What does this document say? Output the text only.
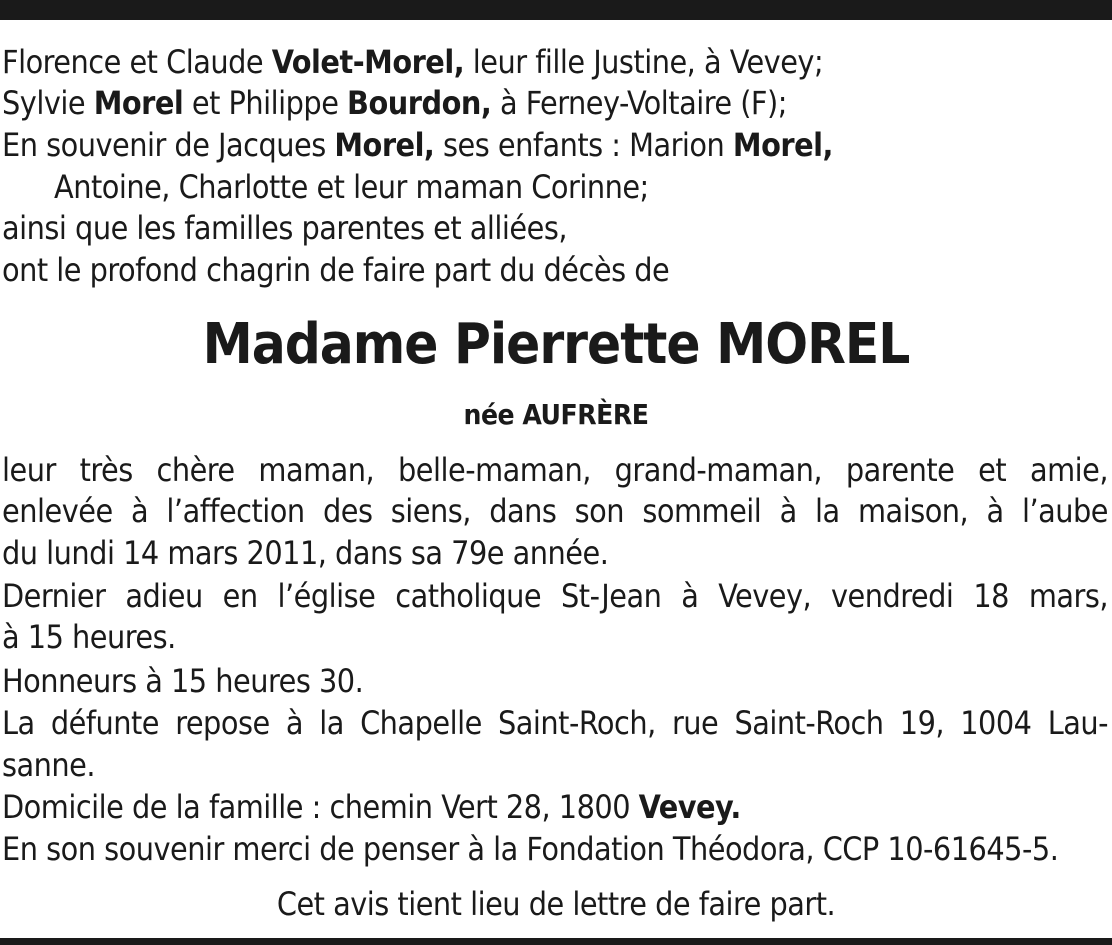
Florence et Claude Volet-Morel, leur fille Justine, à Vevey;
Sylvie Morel et Philippe Bourdon, à Ferney-Voltaire (F);
En souvenir de Jacques Morel, ses enfants : Marion Morel,
Antoine, Charlotte et leur maman Corinne;
ainsi que les familles parentes et alliées,
ont le profond chagrin de faire part du décès de
Madame Pierrette MOREL
née AUFRÈRE
leur très chère maman, belle-maman, grand-maman, parente et amie,
enlevée à l’affection des siens, dans son sommeil à la maison, à l’aube
du lundi 14 mars 2011, dans sa 79e année.
Dernier adieu en l’église catholique St-Jean à Vevey, vendredi 18 mars,
à 15 heures.
Honneurs à 15 heures 30.
La défunte repose à la Chapelle Saint-Roch, rue Saint-Roch 19, 1004 Lau-
sanne.
Domicile de la famille : chemin Vert 28, 1800 Vevey.
En son souvenir merci de penser à la Fondation Théodora, CCP 10-61645-5.
Cet avis tient lieu de lettre de faire part.
